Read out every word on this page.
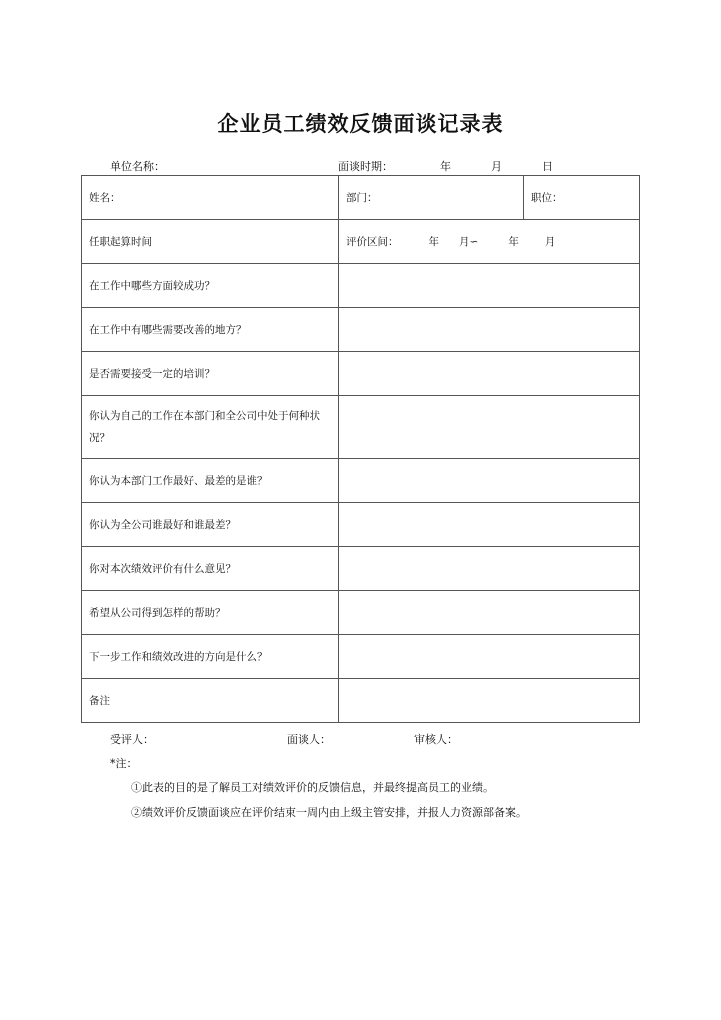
企业员工绩效反馈面谈记录表
单位名称：	面谈时期：	年	月	日
姓名：	部门：	职位：
任职起算时间	评价区间： 年 月∽ 年 月	
在工作中哪些方面较成功？		
在工作中有哪些需要改善的地方？		
是否需要接受一定的培训？		
你认为自己的工作在本部门和全公司中处于何种状况？		
你认为本部门工作最好、最差的是谁？		
你认为全公司谁最好和谁最差？		
你对本次绩效评价有什么意见？		
希望从公司得到怎样的帮助？		
下一步工作和绩效改进的方向是什么？		
备注		
受评人：	面谈人：	审核人：
*注：
①此表的目的是了解员工对绩效评价的反馈信息，并最终提高员工的业绩。
②绩效评价反馈面谈应在评价结束一周内由上级主管安排，并报人力资源部备案。
